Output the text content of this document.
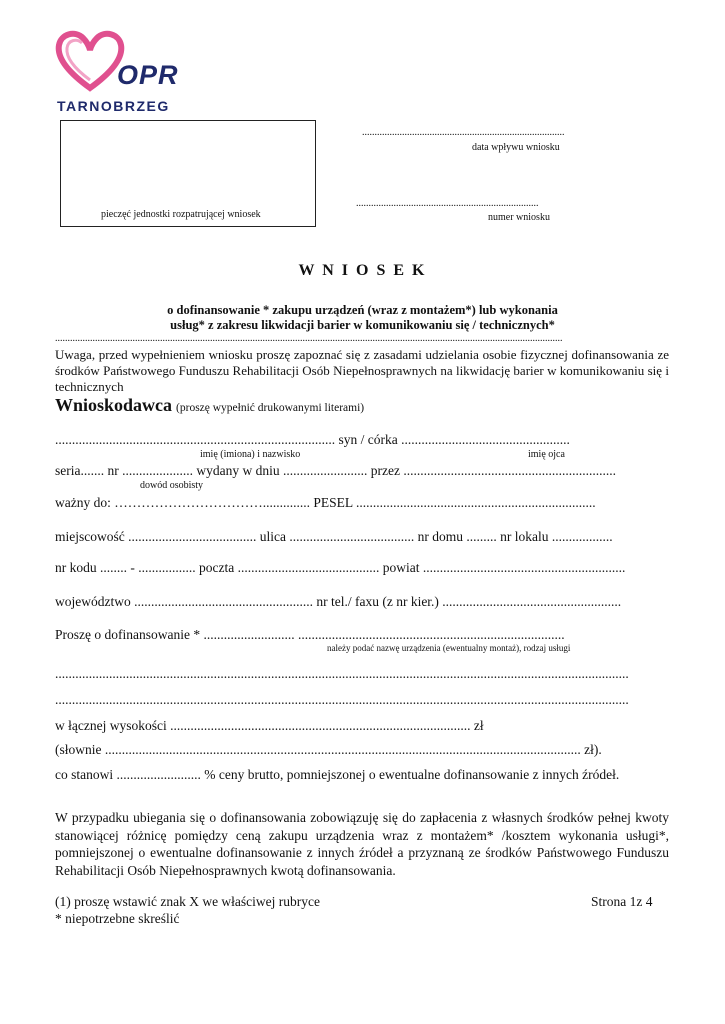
OPR
TARNOBRZEG
pieczęć jednostki rozpatrującej wniosek
.................................................................................
data wpływu wniosku
.........................................................................
numer wniosku
W N I O S E K
o dofinansowanie * zakupu urządzeń (wraz z montażem*) lub wykonania
usług* z zakresu likwidacji barier w komunikowaniu się / technicznych*
...........................................................................................................................................................................................................
Uwaga, przed wypełnieniem wniosku proszę zapoznać się z zasadami udzielania osobie fizycznej dofinansowania ze środków Państwowego Funduszu Rehabilitacji Osób Niepełnosprawnych na likwidację barier w komunikowaniu się i technicznych
Wnioskodawca (proszę wypełnić drukowanymi literami)
................................................................................... syn / córka ..................................................
imię (imiona) i nazwisko	imię ojca
seria....... nr ..................... wydany w dniu ......................... przez ...............................................................
dowód osobisty
ważny do: …………………………….............. PESEL .......................................................................
miejscowość ...................................... ulica ..................................... nr domu ......... nr lokalu ..................
nr kodu ........ - ................. poczta .......................................... powiat ............................................................
województwo ..................................................... nr tel./ faxu (z nr kier.) .....................................................
Proszę o dofinansowanie * ........................... ...............................................................................
należy podać nazwę urządzenia (ewentualny montaż), rodzaj usługi
..........................................................................................................................................................................
..........................................................................................................................................................................
w łącznej wysokości ......................................................................................... zł
(słownie ............................................................................................................................................. zł).
co stanowi ......................... % ceny brutto, pomniejszonej o ewentualne dofinansowanie z innych źródeł.
W przypadku ubiegania się o dofinansowania zobowiązuję się do zapłacenia z własnych środków pełnej kwoty stanowiącej różnicę pomiędzy ceną zakupu urządzenia wraz z montażem* /kosztem wykonania usługi*, pomniejszonej o ewentualne dofinansowanie z innych źródeł a przyznaną ze środków Państwowego Funduszu Rehabilitacji Osób Niepełnosprawnych kwotą dofinansowania.
(1) proszę wstawić znak X we właściwej rubryce	Strona 1z 4
* niepotrzebne skreślić
